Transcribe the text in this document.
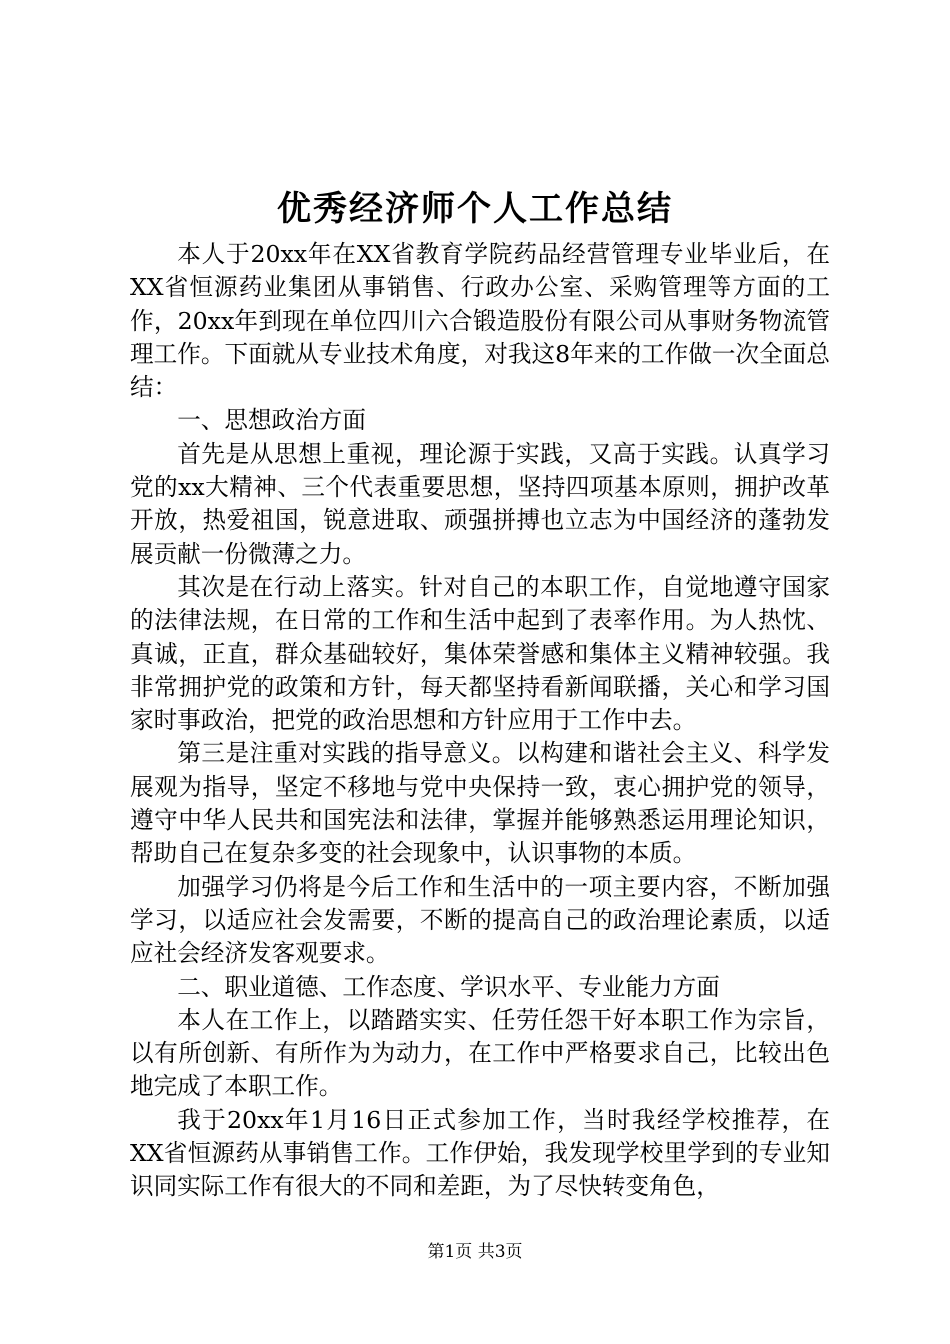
优秀经济师个人工作总结

本人于20xx年在XX省教育学院药品经营管理专业毕业后，在XX省恒源药业集团从事销售、行政办公室、采购管理等方面的工作，20xx年到现在单位四川六合锻造股份有限公司从事财务物流管理工作。下面就从专业技术角度，对我这8年来的工作做一次全面总结：

一、思想政治方面

首先是从思想上重视，理论源于实践，又高于实践。认真学习党的xx大精神、三个代表重要思想，坚持四项基本原则，拥护改革开放，热爱祖国，锐意进取、顽强拼搏也立志为中国经济的蓬勃发展贡献一份微薄之力。

其次是在行动上落实。针对自己的本职工作，自觉地遵守国家的法律法规，在日常的工作和生活中起到了表率作用。为人热忱、真诚，正直，群众基础较好，集体荣誉感和集体主义精神较强。我非常拥护党的政策和方针，每天都坚持看新闻联播，关心和学习国家时事政治，把党的政治思想和方针应用于工作中去。

第三是注重对实践的指导意义。以构建和谐社会主义、科学发展观为指导，坚定不移地与党中央保持一致，衷心拥护党的领导，遵守中华人民共和国宪法和法律，掌握并能够熟悉运用理论知识，帮助自己在复杂多变的社会现象中，认识事物的本质。

加强学习仍将是今后工作和生活中的一项主要内容，不断加强学习，以适应社会发需要，不断的提高自己的政治理论素质，以适应社会经济发客观要求。

二、职业道德、工作态度、学识水平、专业能力方面

本人在工作上，以踏踏实实、任劳任怨干好本职工作为宗旨，以有所创新、有所作为为动力，在工作中严格要求自己，比较出色地完成了本职工作。

我于20xx年1月16日正式参加工作，当时我经学校推荐，在XX省恒源药从事销售工作。工作伊始，我发现学校里学到的专业知识同实际工作有很大的不同和差距，为了尽快转变角色，

第1页 共3页
